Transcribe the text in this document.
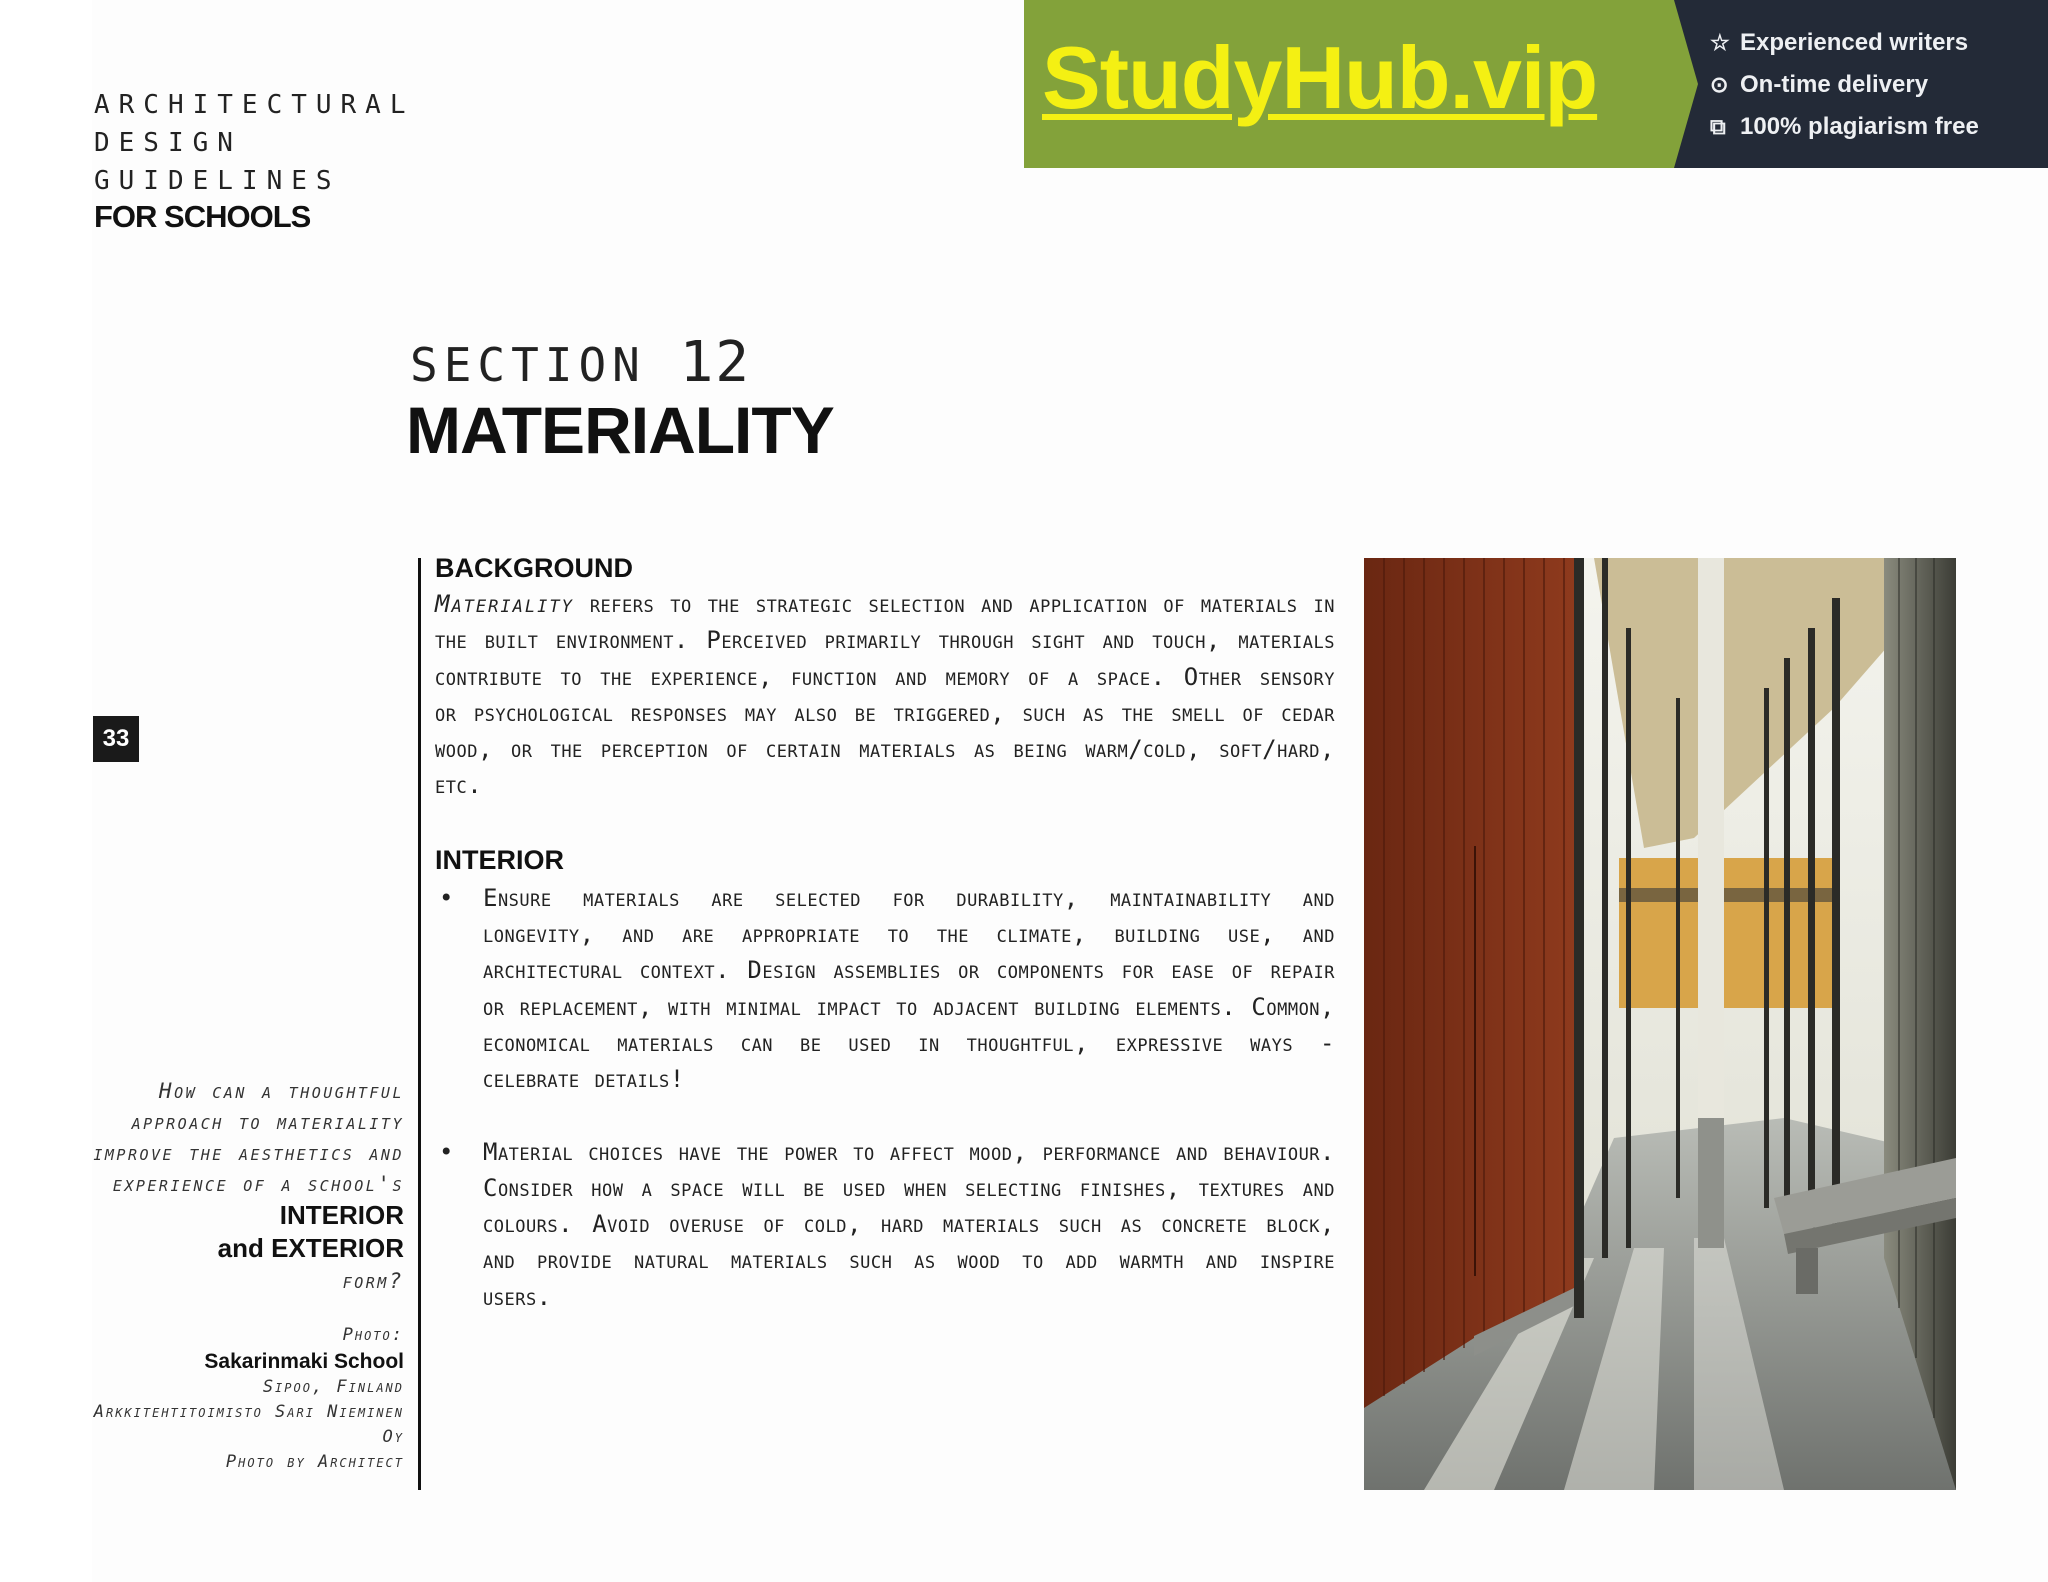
ARCHITECTURAL
DESIGN GUIDELINES
FOR SCHOOLS
StudyHub.vip	☆ Experienced writers
⊙ On-time delivery
⧉ 100% plagiarism free
SECTION 12
MATERIALITY
33
How can a thoughtful approach to materiality improve the aesthetics and experience of a school's INTERIOR
and EXTERIOR
form?
Photo:
Sakarinmaki School
Sipoo, Finland
Arkkitehtitoimisto Sari Nieminen Oy
Photo by Architect
BACKGROUND

Materiality refers to the strategic selection and application of materials in the built environment. Perceived primarily through sight and touch, materials contribute to the experience, function and memory of a space. Other sensory or psychological responses may also be triggered, such as the smell of cedar wood, or the perception of certain materials as being warm/cold, soft/hard, etc.

INTERIOR
• Ensure materials are selected for durability, maintainability and longevity, and are appropriate to the climate, building use, and architectural context. Design assemblies or components for ease of repair or replacement, with minimal impact to adjacent building elements. Common, economical materials can be used in thoughtful, expressive ways - celebrate details!
• Material choices have the power to affect mood, performance and behaviour. Consider how a space will be used when selecting finishes, textures and colours. Avoid overuse of cold, hard materials such as concrete block, and provide natural materials such as wood to add warmth and inspire users.
